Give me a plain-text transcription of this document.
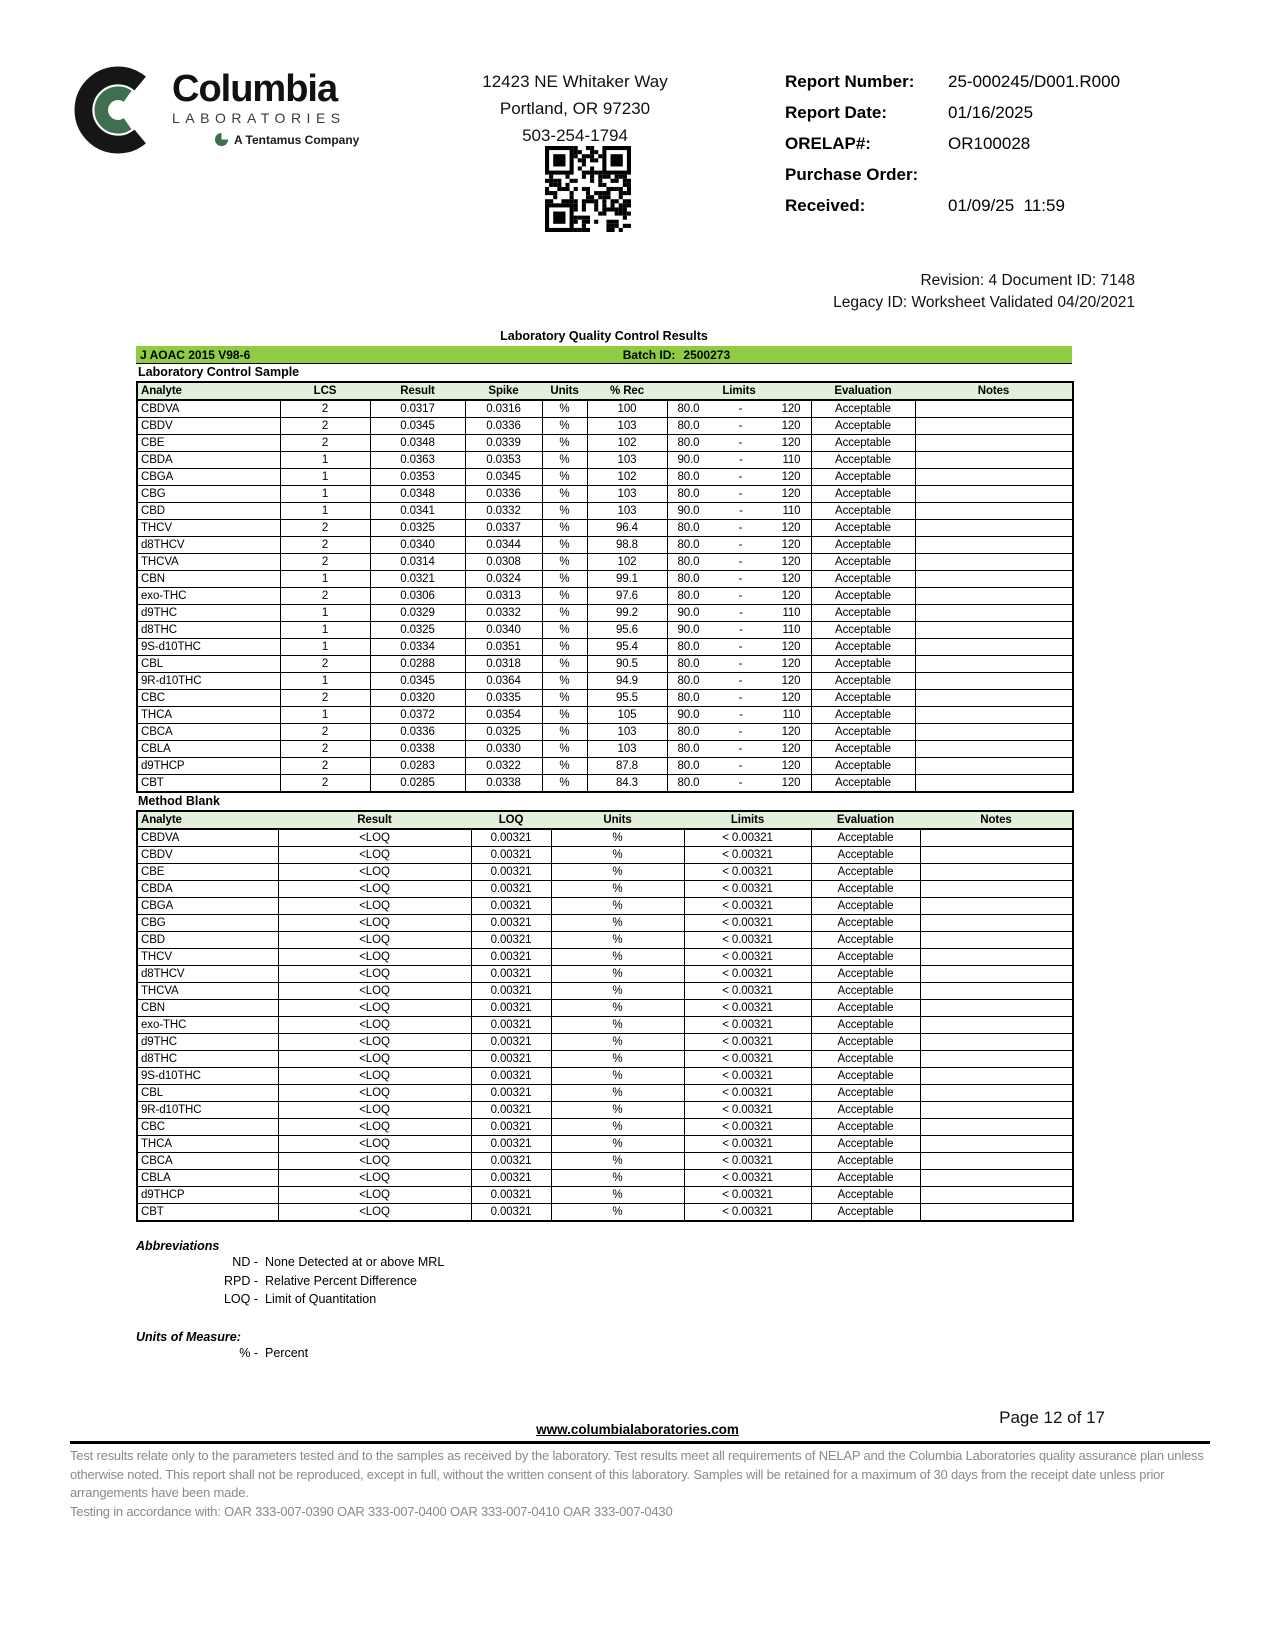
Columbia
LABORATORIES
A Tentamus Company
12423 NE Whitaker Way
Portland, OR 97230
503-254-1794
Report Number:	25-000245/D001.R000
Report Date:	01/16/2025
ORELAP#:	OR100028
Purchase Order:
Received:	01/09/25  11:59
Revision: 4 Document ID: 7148
Legacy ID: Worksheet Validated 04/20/2021
Laboratory Quality Control Results
J AOAC 2015 V98-6	Batch ID: 2500273
Laboratory Control Sample
Analyte	LCS	Result	Spike	Units	% Rec	Limits	Evaluation	Notes
CBDVA	2	0.0317	0.0316	%	100	80.0 - 120	Acceptable	
CBDV	2	0.0345	0.0336	%	103	80.0 - 120	Acceptable	
CBE	2	0.0348	0.0339	%	102	80.0 - 120	Acceptable	
CBDA	1	0.0363	0.0353	%	103	90.0 - 110	Acceptable	
CBGA	1	0.0353	0.0345	%	102	80.0 - 120	Acceptable	
CBG	1	0.0348	0.0336	%	103	80.0 - 120	Acceptable	
CBD	1	0.0341	0.0332	%	103	90.0 - 110	Acceptable	
THCV	2	0.0325	0.0337	%	96.4	80.0 - 120	Acceptable	
d8THCV	2	0.0340	0.0344	%	98.8	80.0 - 120	Acceptable	
THCVA	2	0.0314	0.0308	%	102	80.0 - 120	Acceptable	
CBN	1	0.0321	0.0324	%	99.1	80.0 - 120	Acceptable	
exo-THC	2	0.0306	0.0313	%	97.6	80.0 - 120	Acceptable	
d9THC	1	0.0329	0.0332	%	99.2	90.0 - 110	Acceptable	
d8THC	1	0.0325	0.0340	%	95.6	90.0 - 110	Acceptable	
9S-d10THC	1	0.0334	0.0351	%	95.4	80.0 - 120	Acceptable	
CBL	2	0.0288	0.0318	%	90.5	80.0 - 120	Acceptable	
9R-d10THC	1	0.0345	0.0364	%	94.9	80.0 - 120	Acceptable	
CBC	2	0.0320	0.0335	%	95.5	80.0 - 120	Acceptable	
THCA	1	0.0372	0.0354	%	105	90.0 - 110	Acceptable	
CBCA	2	0.0336	0.0325	%	103	80.0 - 120	Acceptable	
CBLA	2	0.0338	0.0330	%	103	80.0 - 120	Acceptable	
d9THCP	2	0.0283	0.0322	%	87.8	80.0 - 120	Acceptable	
CBT	2	0.0285	0.0338	%	84.3	80.0 - 120	Acceptable	
Method Blank
Analyte	Result	LOQ	Units	Limits	Evaluation	Notes
CBDVA	<LOQ	0.00321	%	< 0.00321	Acceptable	
CBDV	<LOQ	0.00321	%	< 0.00321	Acceptable	
CBE	<LOQ	0.00321	%	< 0.00321	Acceptable	
CBDA	<LOQ	0.00321	%	< 0.00321	Acceptable	
CBGA	<LOQ	0.00321	%	< 0.00321	Acceptable	
CBG	<LOQ	0.00321	%	< 0.00321	Acceptable	
CBD	<LOQ	0.00321	%	< 0.00321	Acceptable	
THCV	<LOQ	0.00321	%	< 0.00321	Acceptable	
d8THCV	<LOQ	0.00321	%	< 0.00321	Acceptable	
THCVA	<LOQ	0.00321	%	< 0.00321	Acceptable	
CBN	<LOQ	0.00321	%	< 0.00321	Acceptable	
exo-THC	<LOQ	0.00321	%	< 0.00321	Acceptable	
d9THC	<LOQ	0.00321	%	< 0.00321	Acceptable	
d8THC	<LOQ	0.00321	%	< 0.00321	Acceptable	
9S-d10THC	<LOQ	0.00321	%	< 0.00321	Acceptable	
CBL	<LOQ	0.00321	%	< 0.00321	Acceptable	
9R-d10THC	<LOQ	0.00321	%	< 0.00321	Acceptable	
CBC	<LOQ	0.00321	%	< 0.00321	Acceptable	
THCA	<LOQ	0.00321	%	< 0.00321	Acceptable	
CBCA	<LOQ	0.00321	%	< 0.00321	Acceptable	
CBLA	<LOQ	0.00321	%	< 0.00321	Acceptable	
d9THCP	<LOQ	0.00321	%	< 0.00321	Acceptable	
CBT	<LOQ	0.00321	%	< 0.00321	Acceptable	
Abbreviations
ND - None Detected at or above MRL
RPD - Relative Percent Difference
LOQ - Limit of Quantitation
Units of Measure:
% - Percent
Page 12 of 17
www.columbialaboratories.com

Test results relate only to the parameters tested and to the samples as received by the laboratory. Test results meet all requirements of NELAP and the Columbia Laboratories quality assurance plan unless otherwise noted. This report shall not be reproduced, except in full, without the written consent of this laboratory. Samples will be retained for a maximum of 30 days from the receipt date unless prior arrangements have been made.

Testing in accordance with: OAR 333-007-0390 OAR 333-007-0400 OAR 333-007-0410 OAR 333-007-0430
